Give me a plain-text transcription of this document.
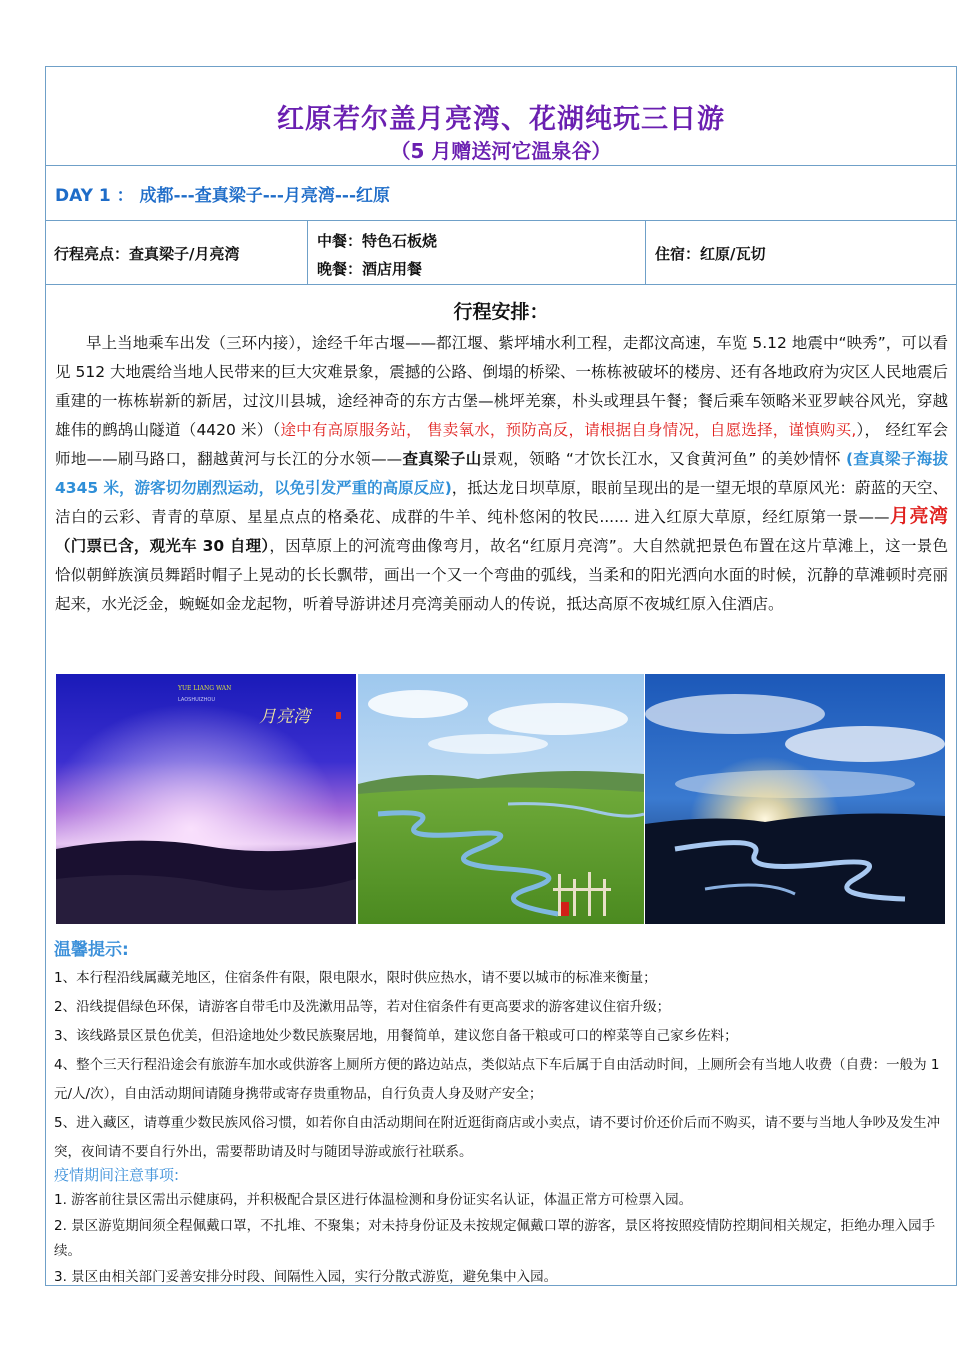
红原若尔盖月亮湾、花湖纯玩三日游
（5 月赠送河它温泉谷）
DAY 1 ： 成都---查真梁子---月亮湾---红原
行程亮点：查真梁子/月亮湾
中餐：特色石板烧
晚餐：酒店用餐
住宿：红原/瓦切
行程安排：
  早上当地乘车出发（三环内接），途经千年古堰——都江堰、紫坪埔水利工程，走都汶高速，车览 5.12 地震中“映秀”，可以看见 512 大地震给当地人民带来的巨大灾难景象，震撼的公路、倒塌的桥梁、一栋栋被破坏的楼房、还有各地政府为灾区人民地震后重建的一栋栋崭新的新居，过汶川县城，途经神奇的东方古堡—桃坪羌寨，朴头或理县午餐；餐后乘车领略米亚罗峡谷风光，穿越雄伟的鹧鸪山隧道（4420 米）（途中有高原服务站， 售卖氧水，预防高反，请根据自身情况，自愿选择，谨慎购买,）， 经红军会师地——刷马路口，翻越黄河与长江的分水领——查真梁子山景观，领略 “才饮长江水，又食黄河鱼” 的美妙情怀 (查真梁子海拔 4345 米，游客切勿剧烈运动，以免引发严重的高原反应)，抵达龙日坝草原，眼前呈现出的是一望无垠的草原风光：蔚蓝的天空、洁白的云彩、青青的草原、星星点点的格桑花、成群的牛羊、纯朴悠闲的牧民...... 进入红原大草原，经红原第一景——月亮湾（门票已含，观光车 30 自理），因草原上的河流弯曲像弯月，故名“红原月亮湾”。大自然就把景色布置在这片草滩上，这一景色恰似朝鲜族演员舞蹈时帽子上晃动的长长飘带，画出一个又一个弯曲的弧线，当柔和的阳光洒向水面的时候，沉静的草滩顿时亮丽起来，水光泛金，蜿蜒如金龙起物，听着导游讲述月亮湾美丽动人的传说，抵达高原不夜城红原入住酒店。
YUE LIANG WAN
LAOSHUIZHOU
月亮湾
温馨提示:
1、本行程沿线属藏羌地区，住宿条件有限，限电限水，限时供应热水，请不要以城市的标准来衡量；
2、沿线提倡绿色环保，请游客自带毛巾及洗漱用品等，若对住宿条件有更高要求的游客建议住宿升级；
3、该线路景区景色优美，但沿途地处少数民族聚居地，用餐简单，建议您自备干粮或可口的榨菜等自己家乡佐料；
4、整个三天行程沿途会有旅游车加水或供游客上厕所方便的路边站点，类似站点下车后属于自由活动时间，上厕所会有当地人收费（自费：一般为 1 元/人/次），自由活动期间请随身携带或寄存贵重物品，自行负责人身及财产安全；
5、进入藏区，请尊重少数民族风俗习惯，如若你自由活动期间在附近逛街商店或小卖点，请不要讨价还价后而不购买，请不要与当地人争吵及发生冲突，夜间请不要自行外出，需要帮助请及时与随团导游或旅行社联系。
疫情期间注意事项:
1. 游客前往景区需出示健康码，并积极配合景区进行体温检测和身份证实名认证，体温正常方可检票入园。
2. 景区游览期间须全程佩戴口罩，不扎堆、不聚集；对未持身份证及未按规定佩戴口罩的游客，景区将按照疫情防控期间相关规定，拒绝办理入园手续。
3. 景区由相关部门妥善安排分时段、间隔性入园，实行分散式游览，避免集中入园。
